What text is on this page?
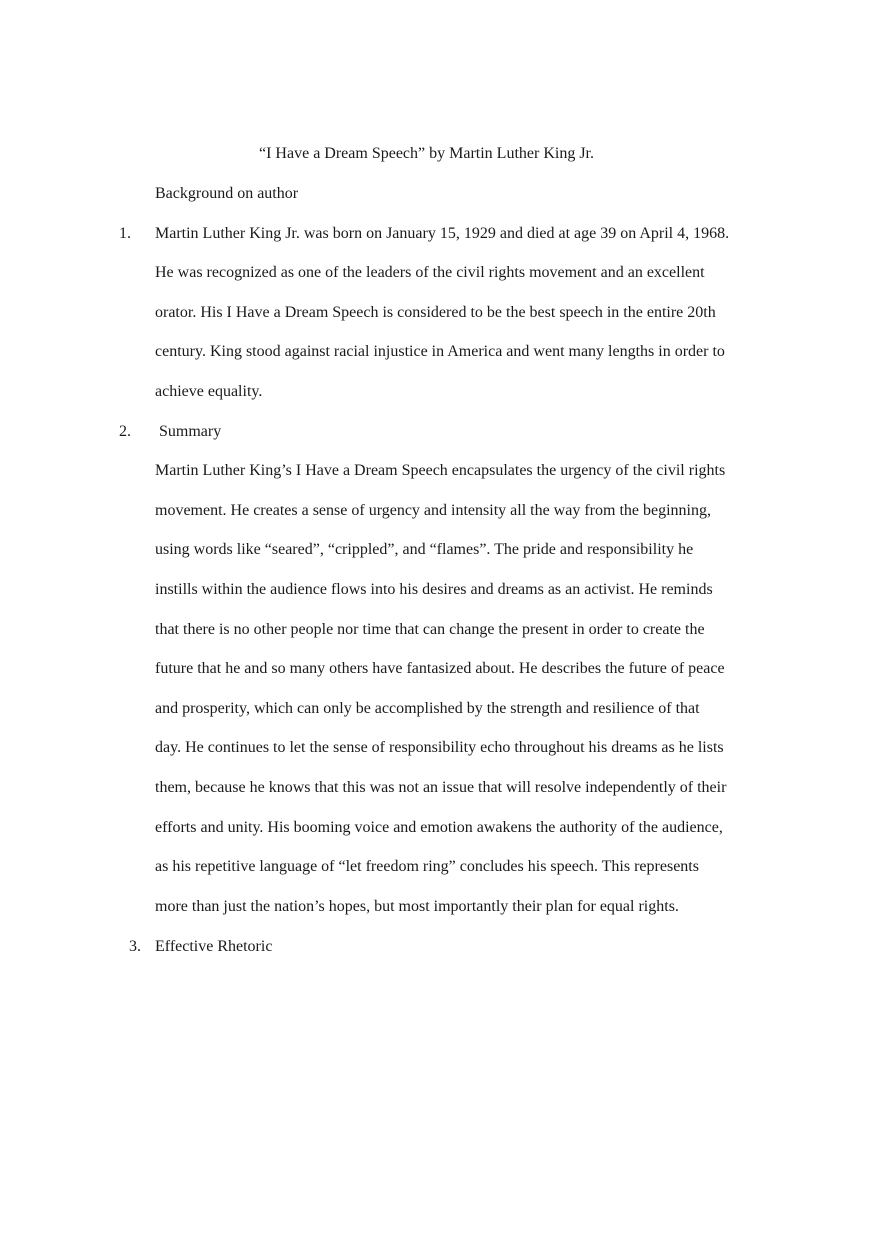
“I Have a Dream Speech” by Martin Luther King Jr.
Background on author
1. Martin Luther King Jr. was born on January 15, 1929 and died at age 39 on April 4, 1968.
He was recognized as one of the leaders of the civil rights movement and an excellent
orator. His I Have a Dream Speech is considered to be the best speech in the entire 20th
century. King stood against racial injustice in America and went many lengths in order to
achieve equality.
2. Summary
Martin Luther King’s I Have a Dream Speech encapsulates the urgency of the civil rights
movement. He creates a sense of urgency and intensity all the way from the beginning,
using words like “seared”, “crippled”, and “flames”. The pride and responsibility he
instills within the audience flows into his desires and dreams as an activist. He reminds
that there is no other people nor time that can change the present in order to create the
future that he and so many others have fantasized about. He describes the future of peace
and prosperity, which can only be accomplished by the strength and resilience of that
day. He continues to let the sense of responsibility echo throughout his dreams as he lists
them, because he knows that this was not an issue that will resolve independently of their
efforts and unity. His booming voice and emotion awakens the authority of the audience,
as his repetitive language of “let freedom ring” concludes his speech. This represents
more than just the nation’s hopes, but most importantly their plan for equal rights.
3. Effective Rhetoric
